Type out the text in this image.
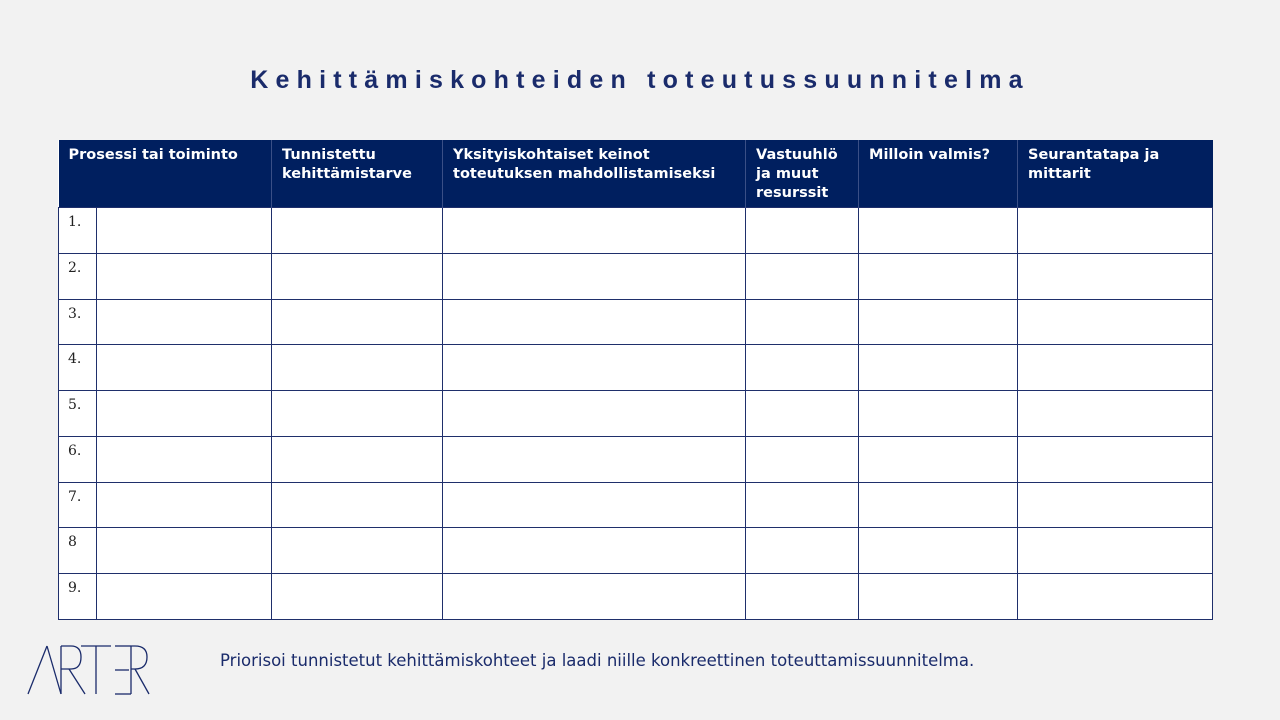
Kehittämiskohteiden toteutussuunnitelma
Prosessi tai toiminto		Tunnistettu kehittämistarve	Yksityiskohtaiset keinot toteutuksen mahdollistamiseksi	Vastuuhlö ja muut resurssit	Milloin valmis?	Seurantatapa ja mittarit
1.						
2.						
3.						
4.						
5.						
6.						
7.						
8						
9.						
Priorisoi tunnistetut kehittämiskohteet ja laadi niille konkreettinen toteuttamissuunnitelma.
